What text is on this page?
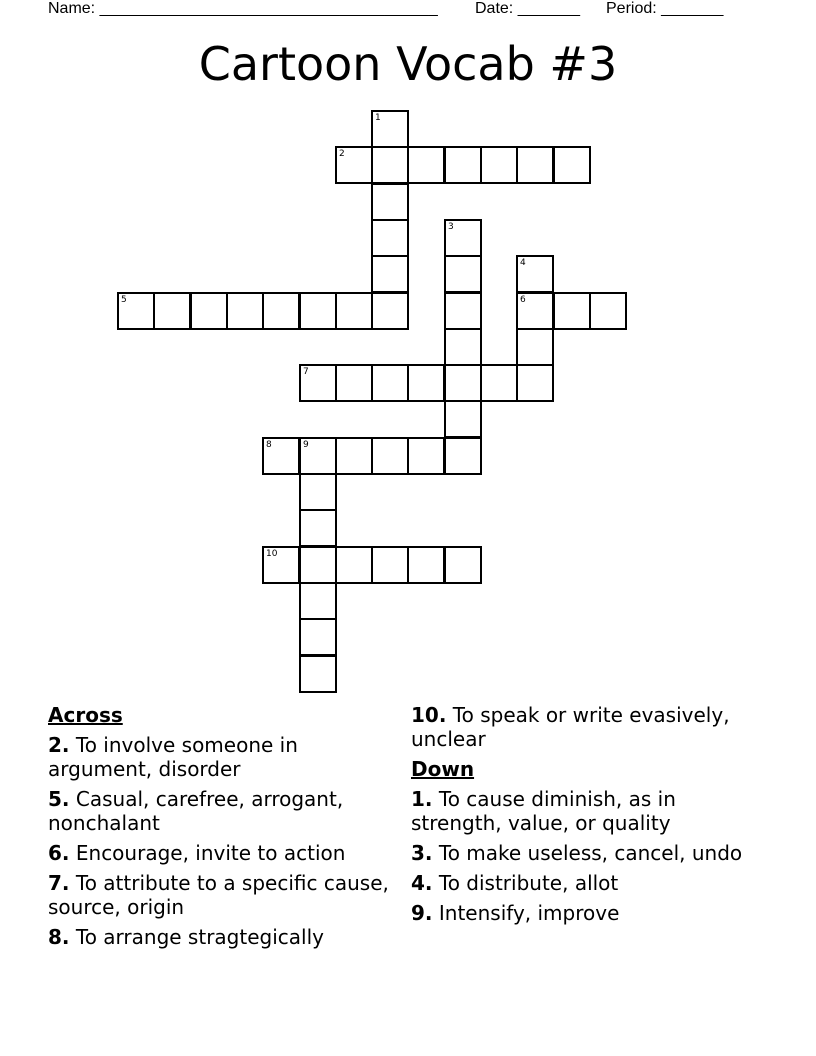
Name: ______________________________________ Date: _______ Period: _______
Cartoon Vocab #3
1
2
3
4
5	6
7
8	9
10
Across
2. To involve someone in argument, disorder
5. Casual, carefree, arrogant, nonchalant
6. Encourage, invite to action
7. To attribute to a specific cause, source, origin
8. To arrange stragtegically
10. To speak or write evasively, unclear
Down
1. To cause diminish, as in strength, value, or quality
3. To make useless, cancel, undo
4. To distribute, allot
9. Intensify, improve
